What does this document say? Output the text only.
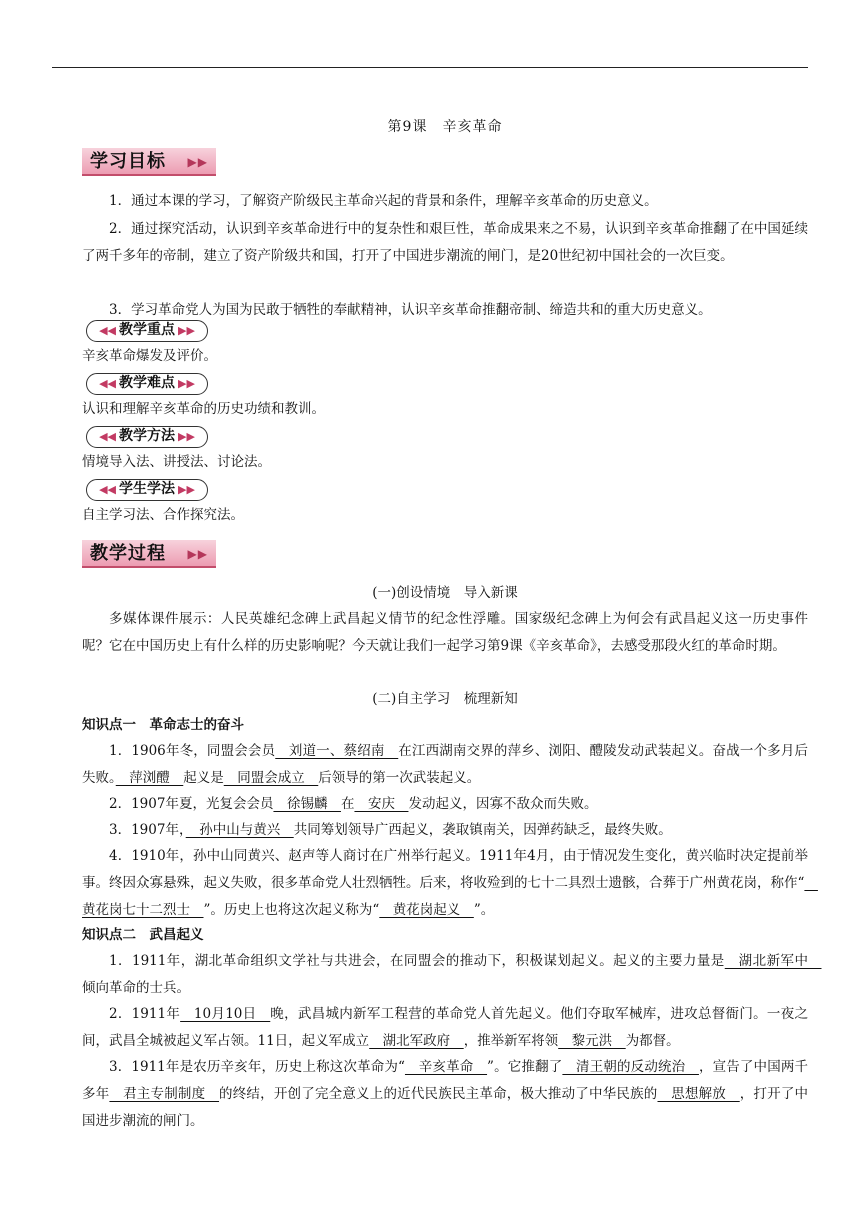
第9课　 辛亥革命
学习目标 ▶▶
1．通过本课的学习，了解资产阶级民主革命兴起的背景和条件，理解辛亥革命的历史意义。
2．通过探究活动，认识到辛亥革命进行中的复杂性和艰巨性，革命成果来之不易，认识到辛亥革命推翻了在中国延续了两千多年的帝制，建立了资产阶级共和国，打开了中国进步潮流的闸门，是20世纪初中国社会的一次巨变。
3．学习革命党人为国为民敢于牺牲的奉献精神，认识辛亥革命推翻帝制、缔造共和的重大历史意义。
◀◀ 教学重点 ▶▶
辛亥革命爆发及评价。
◀◀ 教学难点 ▶▶
认识和理解辛亥革命的历史功绩和教训。
◀◀ 教学方法 ▶▶
情境导入法、讲授法、讨论法。
◀◀ 学生学法 ▶▶
自主学习法、合作探究法。
教学过程 ▶▶
(一)创设情境　导入新课
多媒体课件展示：人民英雄纪念碑上武昌起义情节的纪念性浮雕。国家级纪念碑上为何会有武昌起义这一历史事件呢？它在中国历史上有什么样的历史影响呢？今天就让我们一起学习第9课《辛亥革命》，去感受那段火红的革命时期。
(二)自主学习　梳理新知
知识点一　革命志士的奋斗
1．1906年冬，同盟会会员　刘道一、蔡绍南　在江西湖南交界的萍乡、浏阳、醴陵发动武装起义。奋战一个多月后失败。　萍浏醴　起义是　同盟会成立　后领导的第一次武装起义。
2．1907年夏，光复会会员　徐锡麟　在　安庆　发动起义，因寡不敌众而失败。
3．1907年，　孙中山与黄兴　共同筹划领导广西起义，袭取镇南关，因弹药缺乏，最终失败。
4．1910年，孙中山同黄兴、赵声等人商讨在广州举行起义。1911年4月，由于情况发生变化，黄兴临时决定提前举事。终因众寡悬殊，起义失败，很多革命党人壮烈牺牲。后来，将收殓到的七十二具烈士遗骸，合葬于广州黄花岗，称作“　黄花岗七十二烈士　”。历史上也将这次起义称为“　黄花岗起义　”。
知识点二　武昌起义
1．1911年，湖北革命组织文学社与共进会，在同盟会的推动下，积极谋划起义。起义的主要力量是　湖北新军中　倾向革命的士兵。
2．1911年　10月10日　晚，武昌城内新军工程营的革命党人首先起义。他们夺取军械库，进攻总督衙门。一夜之间，武昌全城被起义军占领。11日，起义军成立　湖北军政府　，推举新军将领　黎元洪　为都督。
3．1911年是农历辛亥年，历史上称这次革命为“　辛亥革命　”。它推翻了　清王朝的反动统治　，宣告了中国两千多年　君主专制制度　的终结，开创了完全意义上的近代民族民主革命，极大推动了中华民族的　思想解放　，打开了中国进步潮流的闸门。
